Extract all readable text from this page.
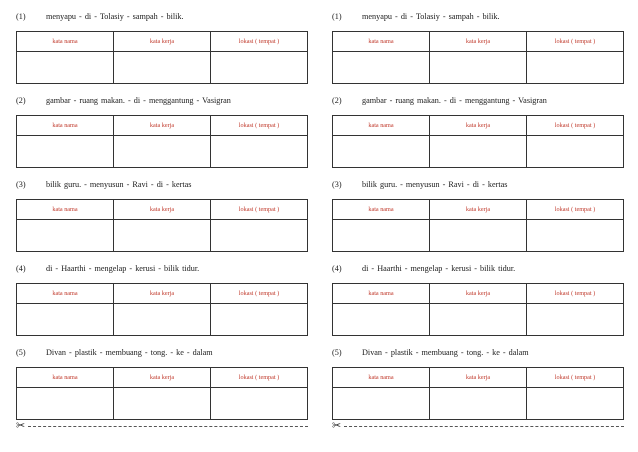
(1) menyapu - di - Tolasiy - sampah - bilik.
kata nama	kata kerja	lokasi ( tempat )
(2) gambar - ruang makan. - di - menggantung - Vasigran
kata nama	kata kerja	lokasi ( tempat )
(3) bilik guru. - menyusun - Ravi - di - kertas
kata nama	kata kerja	lokasi ( tempat )
(4) di - Haarthi - mengelap - kerusi - bilik tidur.
kata nama	kata kerja	lokasi ( tempat )
(5) Divan - plastik - membuang - tong. - ke - dalam
kata nama	kata kerja	lokasi ( tempat )
✂
(1) menyapu - di - Tolasiy - sampah - bilik.
kata nama	kata kerja	lokasi ( tempat )
(2) gambar - ruang makan. - di - menggantung - Vasigran
kata nama	kata kerja	lokasi ( tempat )
(3) bilik guru. - menyusun - Ravi - di - kertas
kata nama	kata kerja	lokasi ( tempat )
(4) di - Haarthi - mengelap - kerusi - bilik tidur.
kata nama	kata kerja	lokasi ( tempat )
(5) Divan - plastik - membuang - tong. - ke - dalam
kata nama	kata kerja	lokasi ( tempat )
✂
